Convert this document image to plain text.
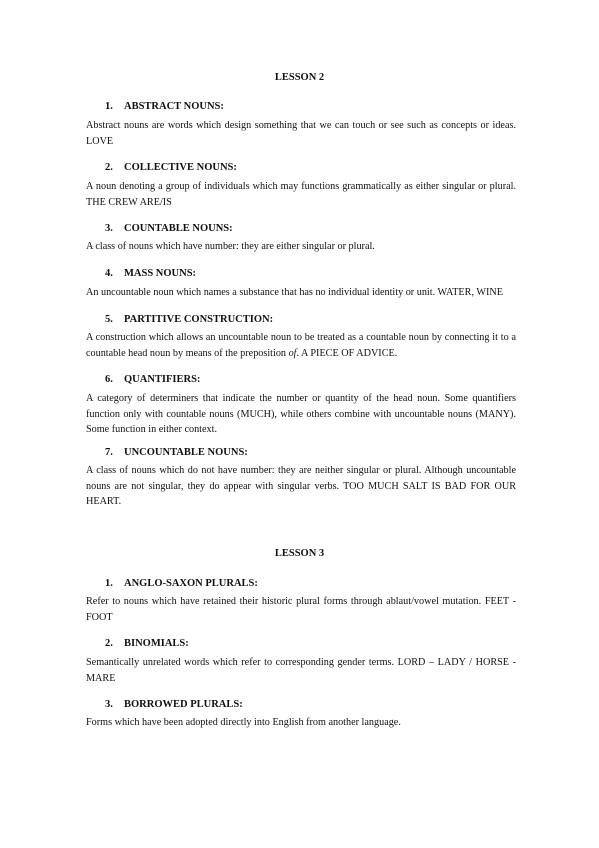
LESSON 2
1. ABSTRACT NOUNS:

Abstract nouns are words which design something that we can touch or see such as concepts or ideas. LOVE

2. COLLECTIVE NOUNS:

A noun denoting a group of individuals which may functions grammatically as either singular or plural. THE CREW ARE/IS

3. COUNTABLE NOUNS:

A class of nouns which have number: they are either singular or plural.

4. MASS NOUNS:

An uncountable noun which names a substance that has no individual identity or unit. WATER, WINE

5. PARTITIVE CONSTRUCTION:

A construction which allows an uncountable noun to be treated as a countable noun by connecting it to a countable head noun by means of the preposition of. A PIECE OF ADVICE.

6. QUANTIFIERS:

A category of determiners that indicate the number or quantity of the head noun. Some quantifiers function only with countable nouns (MUCH), while others combine with uncountable nouns (MANY). Some function in either context.

7. UNCOUNTABLE NOUNS:

A class of nouns which do not have number: they are neither singular or plural. Although uncountable nouns are not singular, they do appear with singular verbs. TOO MUCH SALT IS BAD FOR OUR HEART.

LESSON 3
1. ANGLO-SAXON PLURALS:

Refer to nouns which have retained their historic plural forms through ablaut/vowel mutation. FEET - FOOT

2. BINOMIALS:

Semantically unrelated words which refer to corresponding gender terms. LORD – LADY / HORSE - MARE

3. BORROWED PLURALS:

Forms which have been adopted directly into English from another language.
